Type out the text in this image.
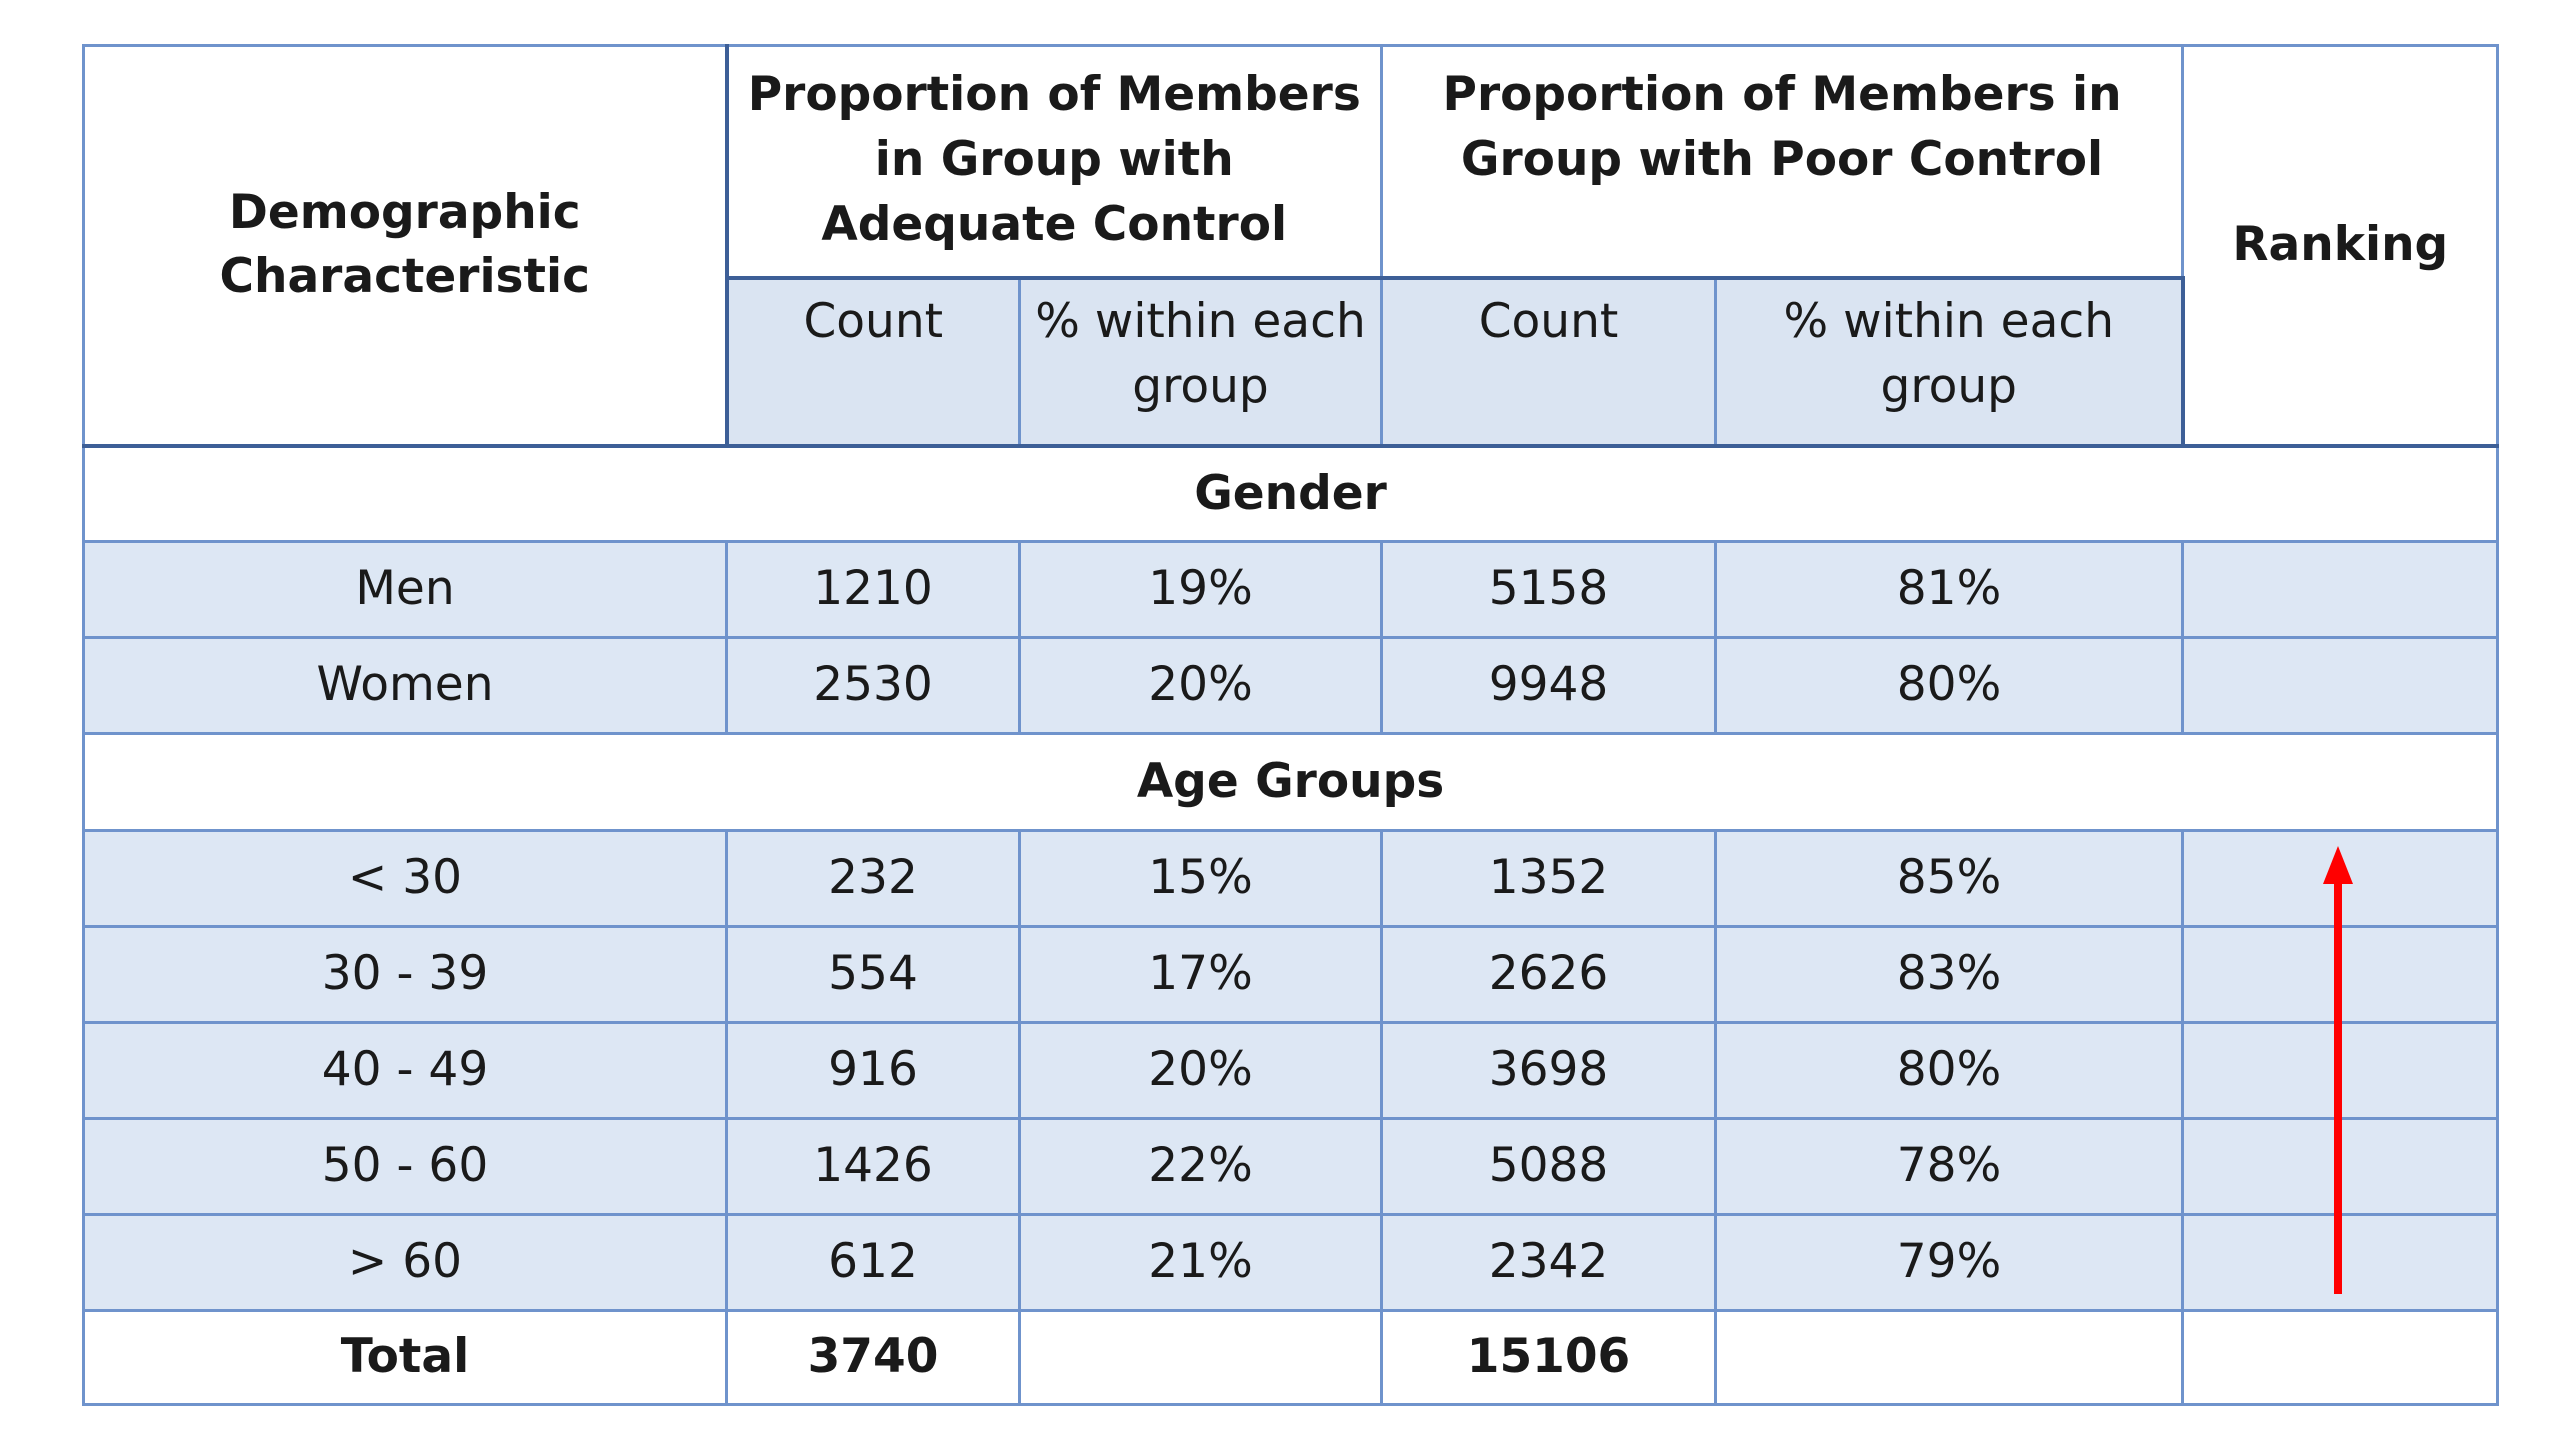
Demographic Characteristic	Proportion of Members in Group with Adequate Control		Proportion of Members in Group with Poor Control		Ranking
	Count	% within each group	Count	% within each group	
Gender					
Men	1210	19%	5158	81%	
Women	2530	20%	9948	80%	
Age Groups					
< 30	232	15%	1352	85%	
30 - 39	554	17%	2626	83%	
40 - 49	916	20%	3698	80%	
50 - 60	1426	22%	5088	78%	
> 60	612	21%	2342	79%	
Total	3740		15106		
